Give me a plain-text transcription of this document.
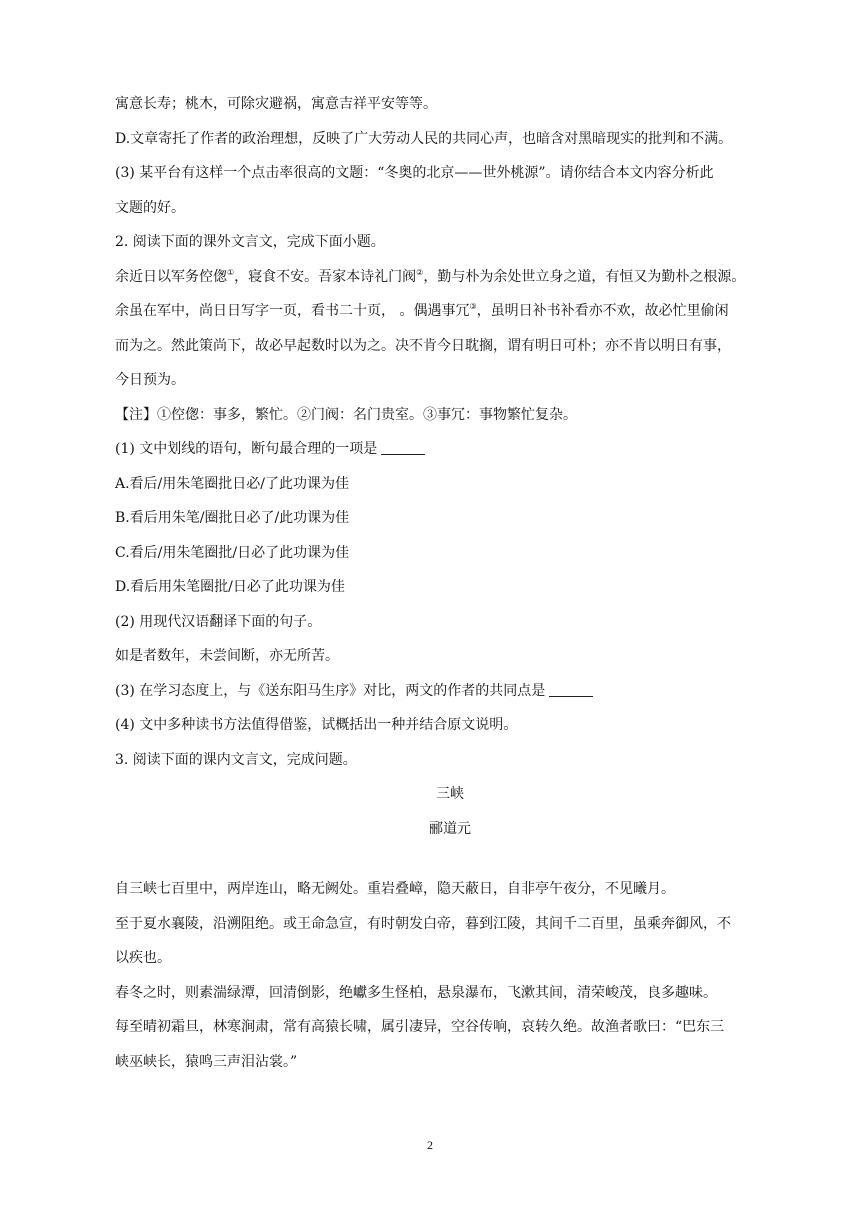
寓意长寿；桃木，可除灾避祸，寓意吉祥平安等等。
D.文章寄托了作者的政治理想，反映了广大劳动人民的共同心声，也暗含对黑暗现实的批判和不满。
(3) 某平台有这样一个点击率很高的文题：“冬奥的北京——世外桃源”。请你结合本文内容分析此
文题的好。
2. 阅读下面的课外文言文，完成下面小题。
余近日以军务倥偬①，寝食不安。吾家本诗礼门阀②，勤与朴为余处世立身之道，有恒又为勤朴之根源。
余虽在军中，尚日日写字一页，看书二十页， 。偶遇事冗③，虽明日补书补看亦不欢，故必忙里偷闲
而为之。然此策尚下，故必早起数时以为之。决不肯今日耽搁，谓有明日可朴；亦不肯以明日有事，
今日预为。
【注】①倥偬：事多，繁忙。②门阀：名门贵室。③事冗：事物繁忙复杂。
(1) 文中划线的语句，断句最合理的一项是
A.看后/用朱笔圈批日必/了此功课为佳
B.看后用朱笔/圈批日必了/此功课为佳
C.看后/用朱笔圈批/日必了此功课为佳
D.看后用朱笔圈批/日必了此功课为佳
(2) 用现代汉语翻译下面的句子。
如是者数年，未尝间断，亦无所苦。
(3) 在学习态度上，与《送东阳马生序》对比，两文的作者的共同点是
(4) 文中多种读书方法值得借鉴，试概括出一种并结合原文说明。
3. 阅读下面的课内文言文，完成问题。
三峡
郦道元
自三峡七百里中，两岸连山，略无阙处。重岩叠嶂，隐天蔽日，自非亭午夜分，不见曦月。
至于夏水襄陵，沿溯阻绝。或王命急宣，有时朝发白帝，暮到江陵，其间千二百里，虽乘奔御风，不
以疾也。
春冬之时，则素湍绿潭，回清倒影，绝巘多生怪柏，悬泉瀑布，飞漱其间，清荣峻茂，良多趣味。
每至晴初霜旦，林寒涧肃，常有高猿长啸，属引凄异，空谷传响，哀转久绝。故渔者歌曰：“巴东三
峡巫峡长，猿鸣三声泪沾裳。”
2
